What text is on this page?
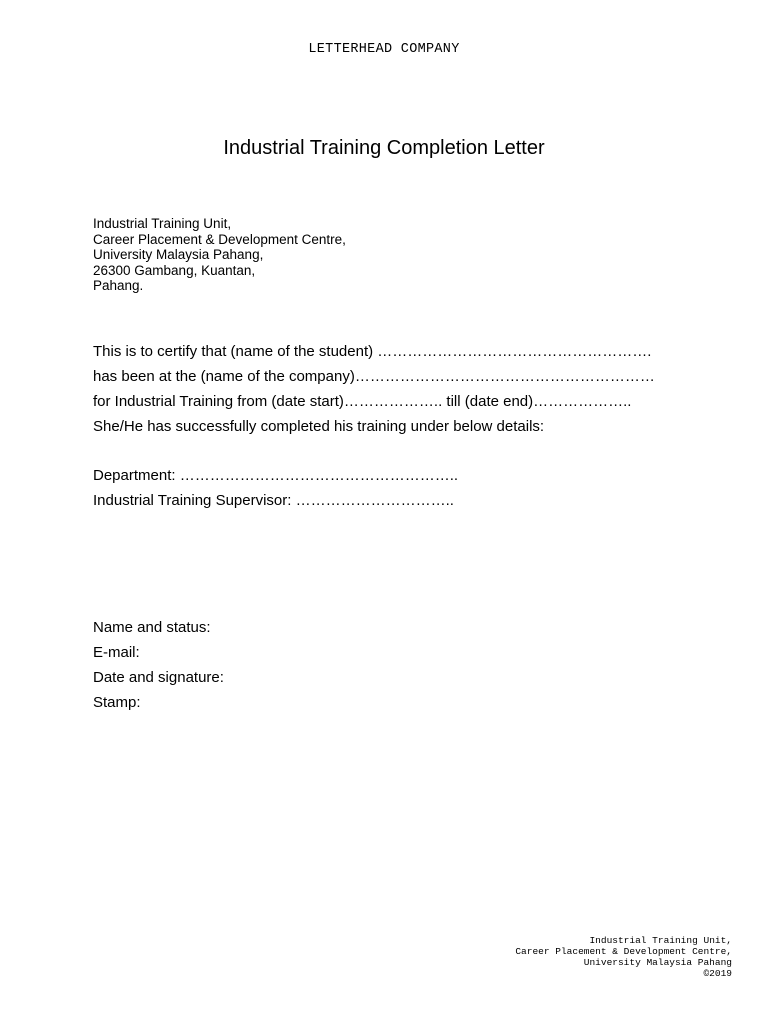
LETTERHEAD COMPANY
Industrial Training Completion Letter
Industrial Training Unit,
Career Placement & Development Centre,
University Malaysia Pahang,
26300 Gambang, Kuantan,
Pahang.
This is to certify that (name of the student) ……………………………………………….
has been at the (name of the company)……………………………………………………
for Industrial Training from (date start)……………….. till (date end)………………..
She/He has successfully completed his training under below details:
Department: ………………………………………………..
Industrial Training Supervisor: …………………………..
Name and status:
E-mail:
Date and signature:
Stamp:
Industrial Training Unit,
Career Placement & Development Centre,
University Malaysia Pahang
©2019
